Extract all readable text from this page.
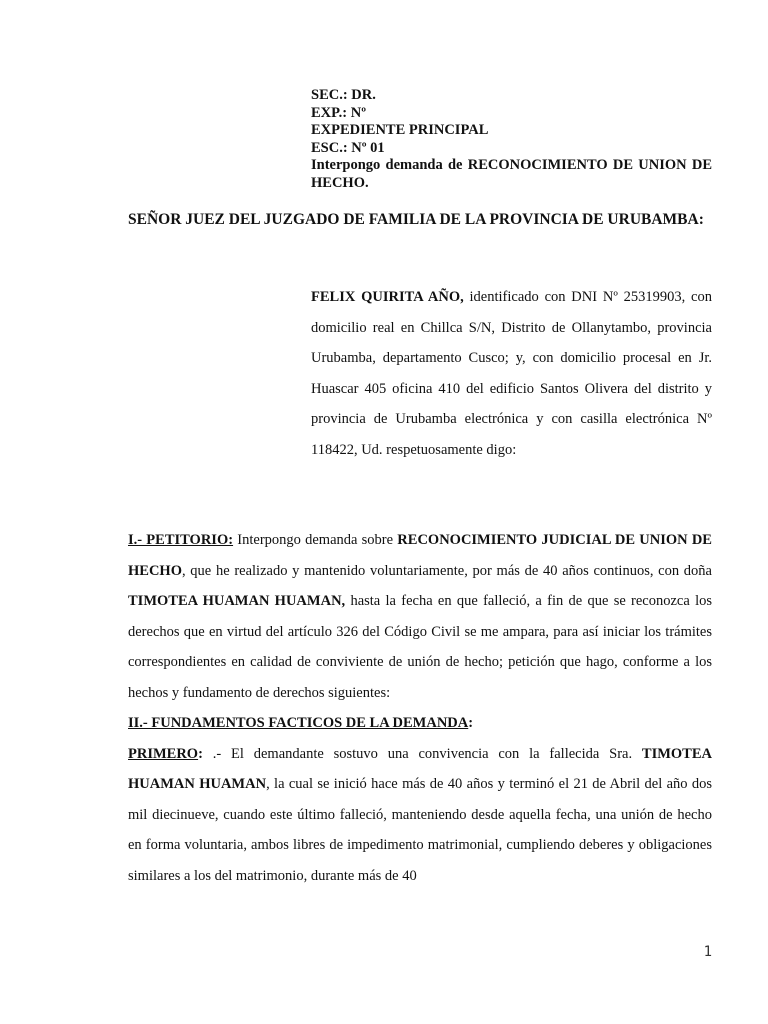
SEC.: DR.
EXP.: Nº
EXPEDIENTE PRINCIPAL
ESC.: Nº 01
Interpongo demanda de RECONOCIMIENTO DE UNION DE HECHO.
SEÑOR JUEZ DEL JUZGADO DE FAMILIA DE LA PROVINCIA DE URUBAMBA:
FELIX QUIRITA AÑO, identificado con DNI Nº 25319903, con domicilio real en Chillca S/N, Distrito de Ollanytambo, provincia Urubamba, departamento Cusco; y, con domicilio procesal en Jr. Huascar 405 oficina 410 del edificio Santos Olivera del distrito y provincia de Urubamba electrónica y con casilla electrónica Nº 118422, Ud. respetuosamente digo:

I.- PETITORIO: Interpongo demanda sobre RECONOCIMIENTO JUDICIAL DE UNION DE HECHO, que he realizado y mantenido voluntariamente, por más de 40 años continuos, con doña TIMOTEA HUAMAN HUAMAN, hasta la fecha en que falleció, a fin de que se reconozca los derechos que en virtud del artículo 326 del Código Civil se me ampara, para así iniciar los trámites correspondientes en calidad de conviviente de unión de hecho; petición que hago, conforme a los hechos y fundamento de derechos siguientes:

II.- FUNDAMENTOS FACTICOS DE LA DEMANDA:

PRIMERO: .- El demandante sostuvo una convivencia con la fallecida Sra. TIMOTEA HUAMAN HUAMAN, la cual se inició hace más de 40 años y terminó el 21 de Abril del año dos mil diecinueve, cuando este último falleció, manteniendo desde aquella fecha, una unión de hecho en forma voluntaria, ambos libres de impedimento matrimonial, cumpliendo deberes y obligaciones similares a los del matrimonio, durante más de 40

1
